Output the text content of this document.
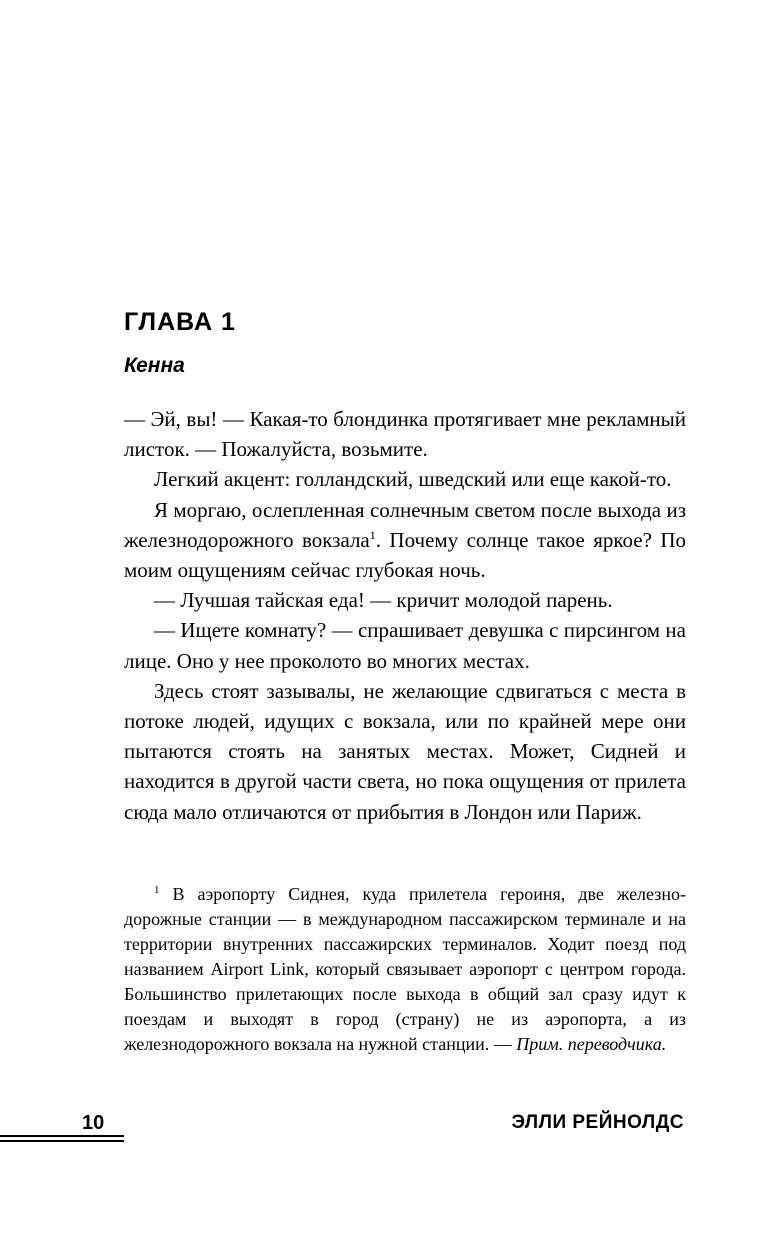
ГЛАВА 1
Кенна

— Эй, вы! — Какая-то блондинка протягивает мне рекламный листок. — Пожалуйста, возьмите.

Легкий акцент: голландский, шведский или еще какой-то.

Я моргаю, ослепленная солнечным светом после выхода из железнодорожного вокзала$^1$. Почему солнце такое яркое? По моим ощущениям сейчас глубокая ночь.

— Лучшая тайская еда! — кричит молодой парень.

— Ищете комнату? — спрашивает девушка с пирсингом на лице. Оно у нее проколото во многих местах.

Здесь стоят зазывалы, не желающие сдвигаться с места в потоке людей, идущих с вокзала, или по крайней мере они пытаются стоять на занятых местах. Может, Сидней и находится в другой части света, но пока ощущения от прилета сюда мало отличаются от прибытия в Лондон или Париж.

$^1$ В аэропорту Сиднея, куда прилетела героиня, две железнодорожные станции — в международном пассажирском терминале и на территории внутренних пассажирских терминалов. Ходит поезд под названием Airport Link, который связывает аэропорт с центром города. Большинство прилетающих после выхода в общий зал сразу идут к поездам и выходят в город (страну) не из аэропорта, а из железнодорожного вокзала на нужной станции. — Прим. переводчика.

10	ЭЛЛИ РЕЙНОЛДС
